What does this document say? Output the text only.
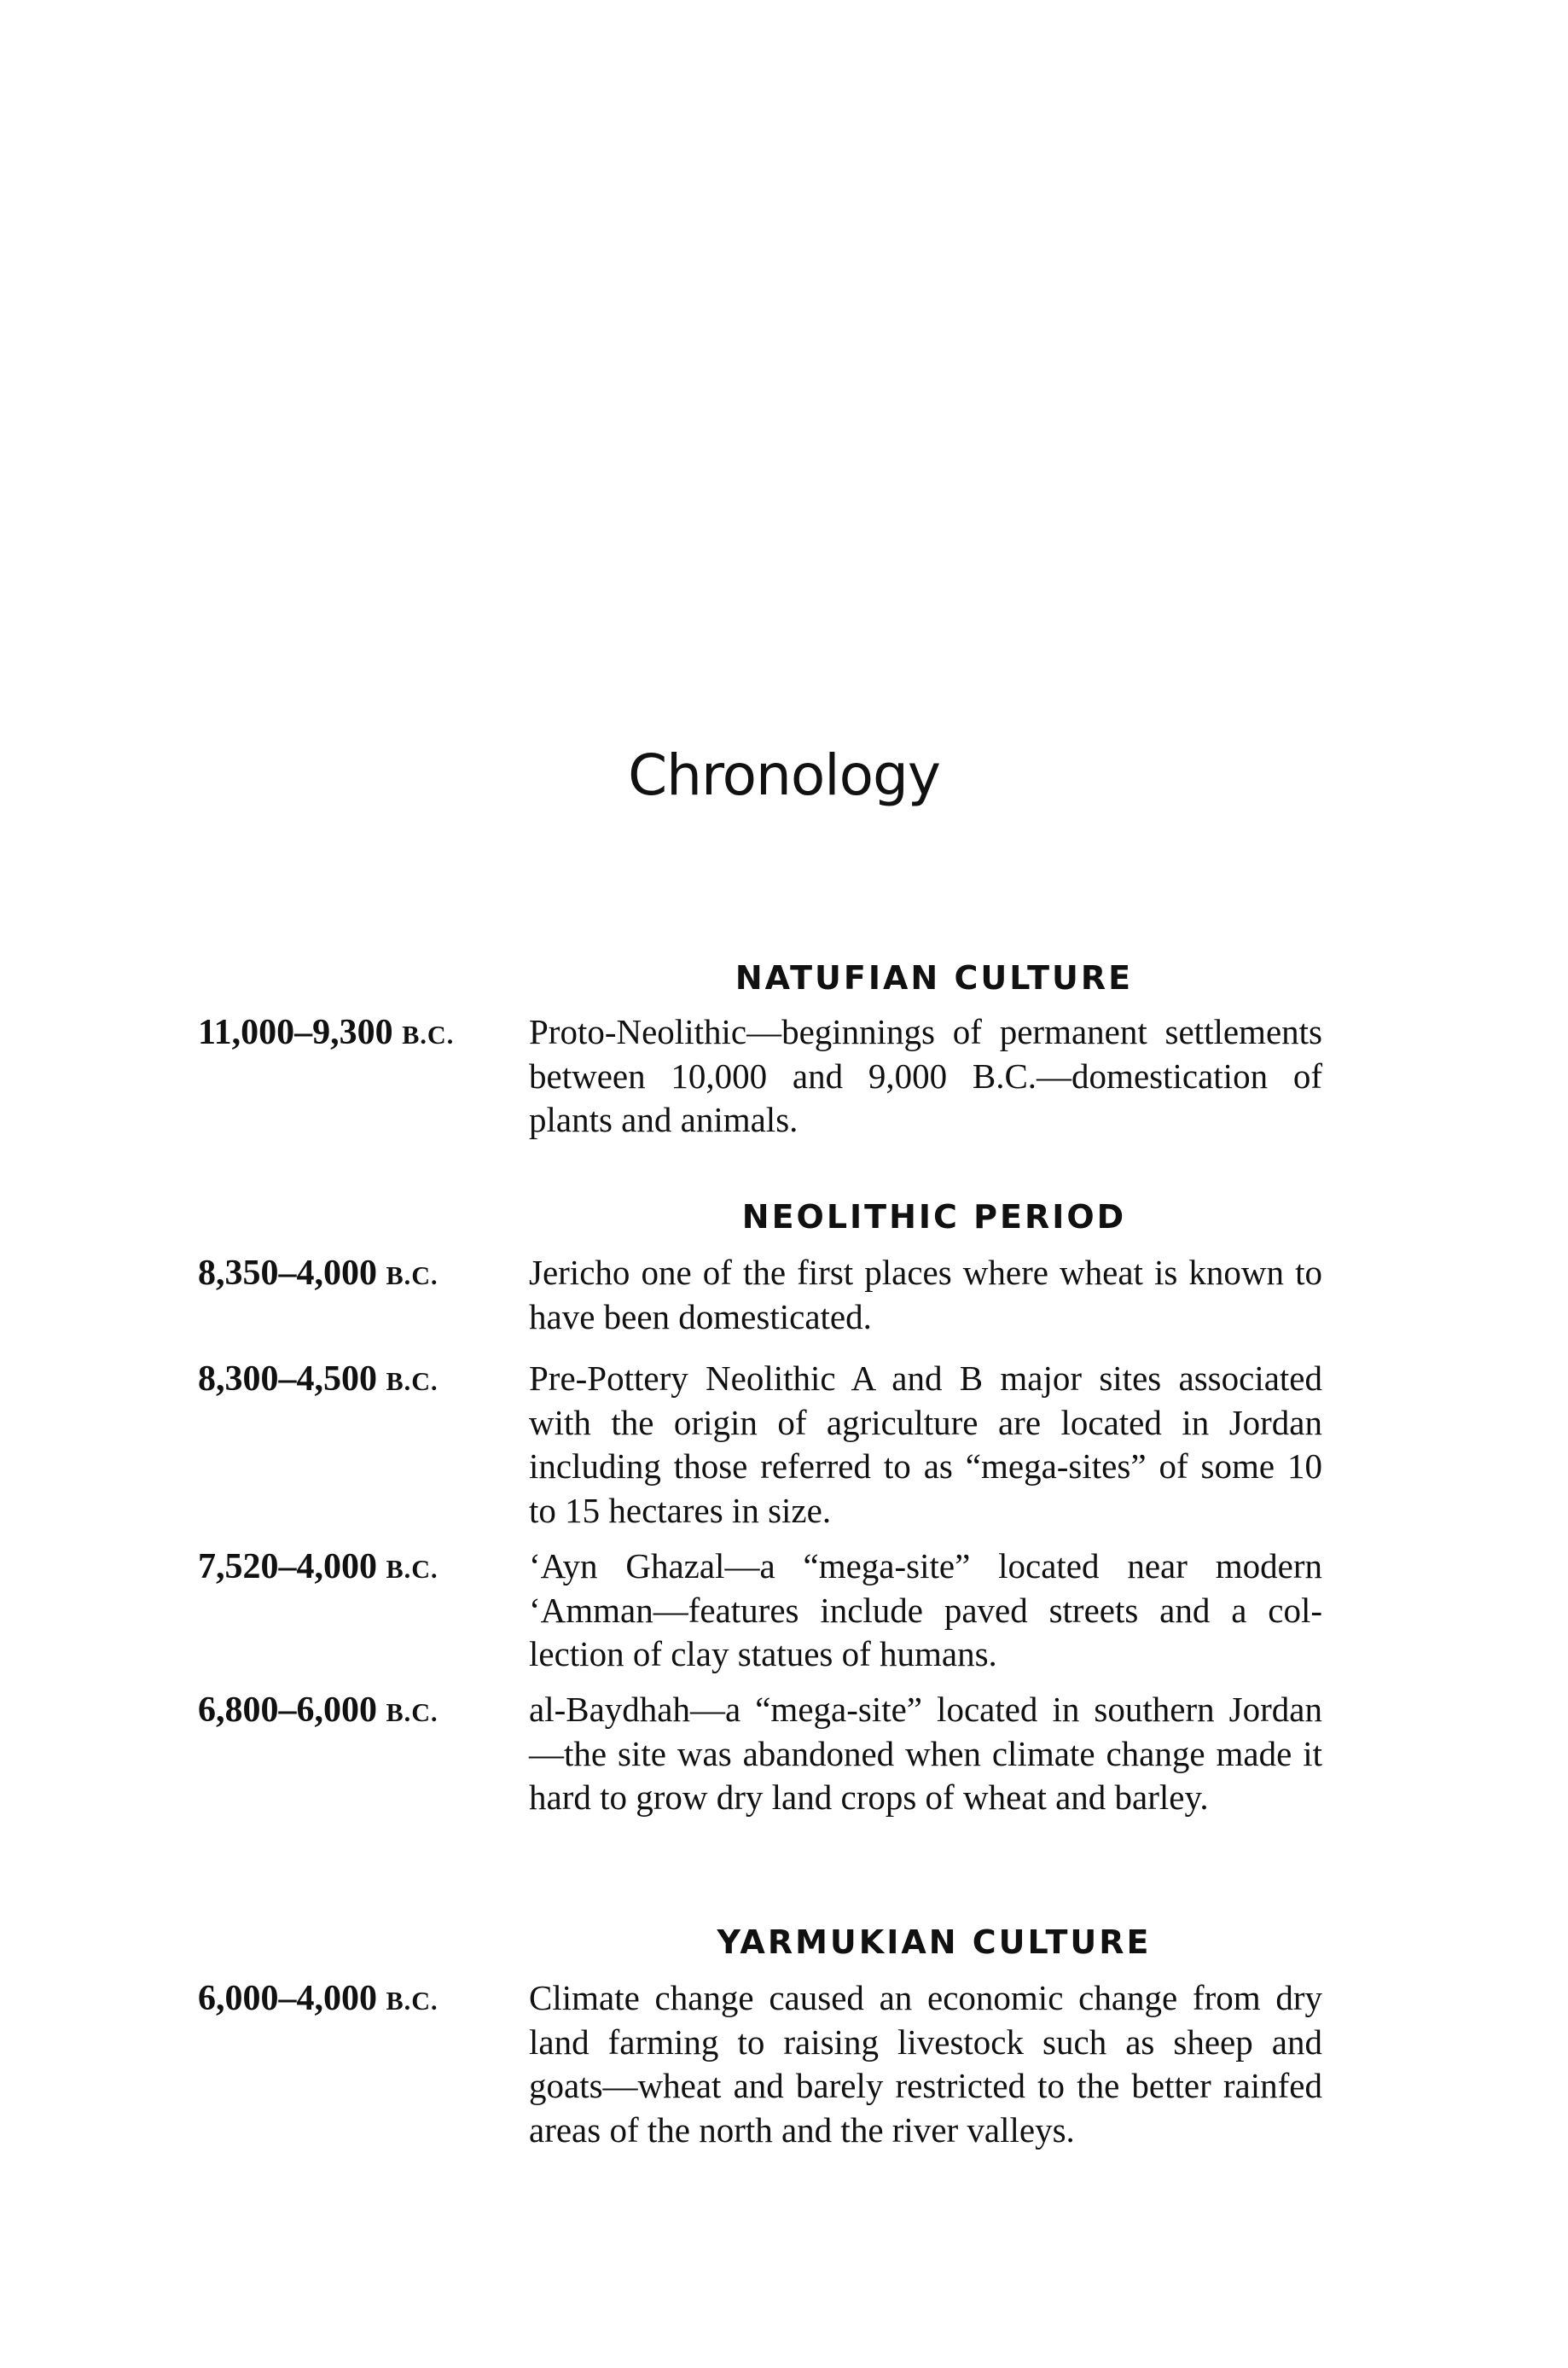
Chronology
NATUFIAN CULTURE
11,000–9,300 B.C. Proto-Neolithic—beginnings of permanent settlements between 10,000 and 9,000 B.C.—domestication of plants and animals.

NEOLITHIC PERIOD
8,350–4,000 B.C.	Jericho one of the first places where wheat is known to have been domesticated.

8,300–4,500 B.C.	Pre-Pottery Neolithic A and B major sites associated with the origin of agriculture are located in Jordan including those referred to as “mega-sites” of some 10 to 15 hectares in size.

7,520–4,000 B.C.	‘Ayn Ghazal—a “mega-site” located near modern ‘Amman—features include paved streets and a collection of clay statues of humans.

6,800–6,000 B.C.	al-Baydhah—a “mega-site” located in southern Jordan—the site was abandoned when climate change made it hard to grow dry land crops of wheat and barley.

YARMUKIAN CULTURE
6,000–4,000 B.C.	Climate change caused an economic change from dry land farming to raising livestock such as sheep and goats—wheat and barely restricted to the better rainfed areas of the north and the river valleys.
